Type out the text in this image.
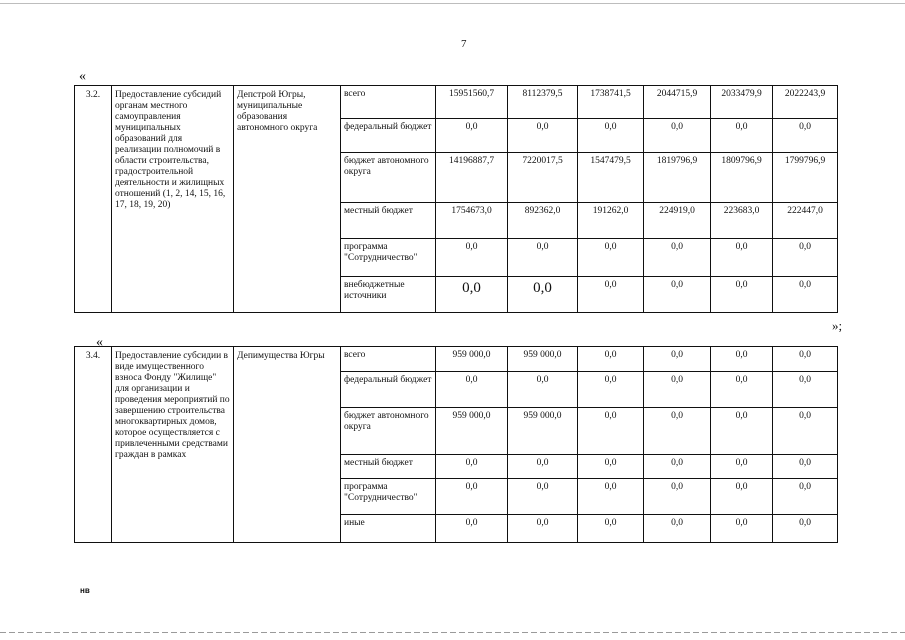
7
«
3.2.	Предоставление субсидий органам местного самоуправления муниципальных образований для реализации полномочий в области строительства, градостроительной деятельности и жилищных отношений (1, 2, 14, 15, 16, 17, 18, 19, 20)	Депстрой Югры, муниципальные образования автономного округа	всего	15951560,7	8112379,5	1738741,5	2044715,9	2033479,9	2022243,9
			федеральный бюджет	0,0	0,0	0,0	0,0	0,0	0,0
			бюджет автономного округа	14196887,7	7220017,5	1547479,5	1819796,9	1809796,9	1799796,9
			местный бюджет	1754673,0	892362,0	191262,0	224919,0	223683,0	222447,0
			программа "Сотрудничество"	0,0	0,0	0,0	0,0	0,0	0,0
			внебюджетные источники	0,0	0,0	0,0	0,0	0,0	0,0
»;
«
3.4.	Предоставление субсидии в виде имущественного взноса Фонду "Жилище" для организации и проведения мероприятий по завершению строительства многоквартирных домов, которое осуществляется с привлеченными средствами граждан в рамках	Депимущества Югры	всего	959 000,0	959 000,0	0,0	0,0	0,0	0,0
			федеральный бюджет	0,0	0,0	0,0	0,0	0,0	0,0
			бюджет автономного округа	959 000,0	959 000,0	0,0	0,0	0,0	0,0
			местный бюджет	0,0	0,0	0,0	0,0	0,0	0,0
			программа "Сотрудничество"	0,0	0,0	0,0	0,0	0,0	0,0
			иные	0,0	0,0	0,0	0,0	0,0	0,0
нв
